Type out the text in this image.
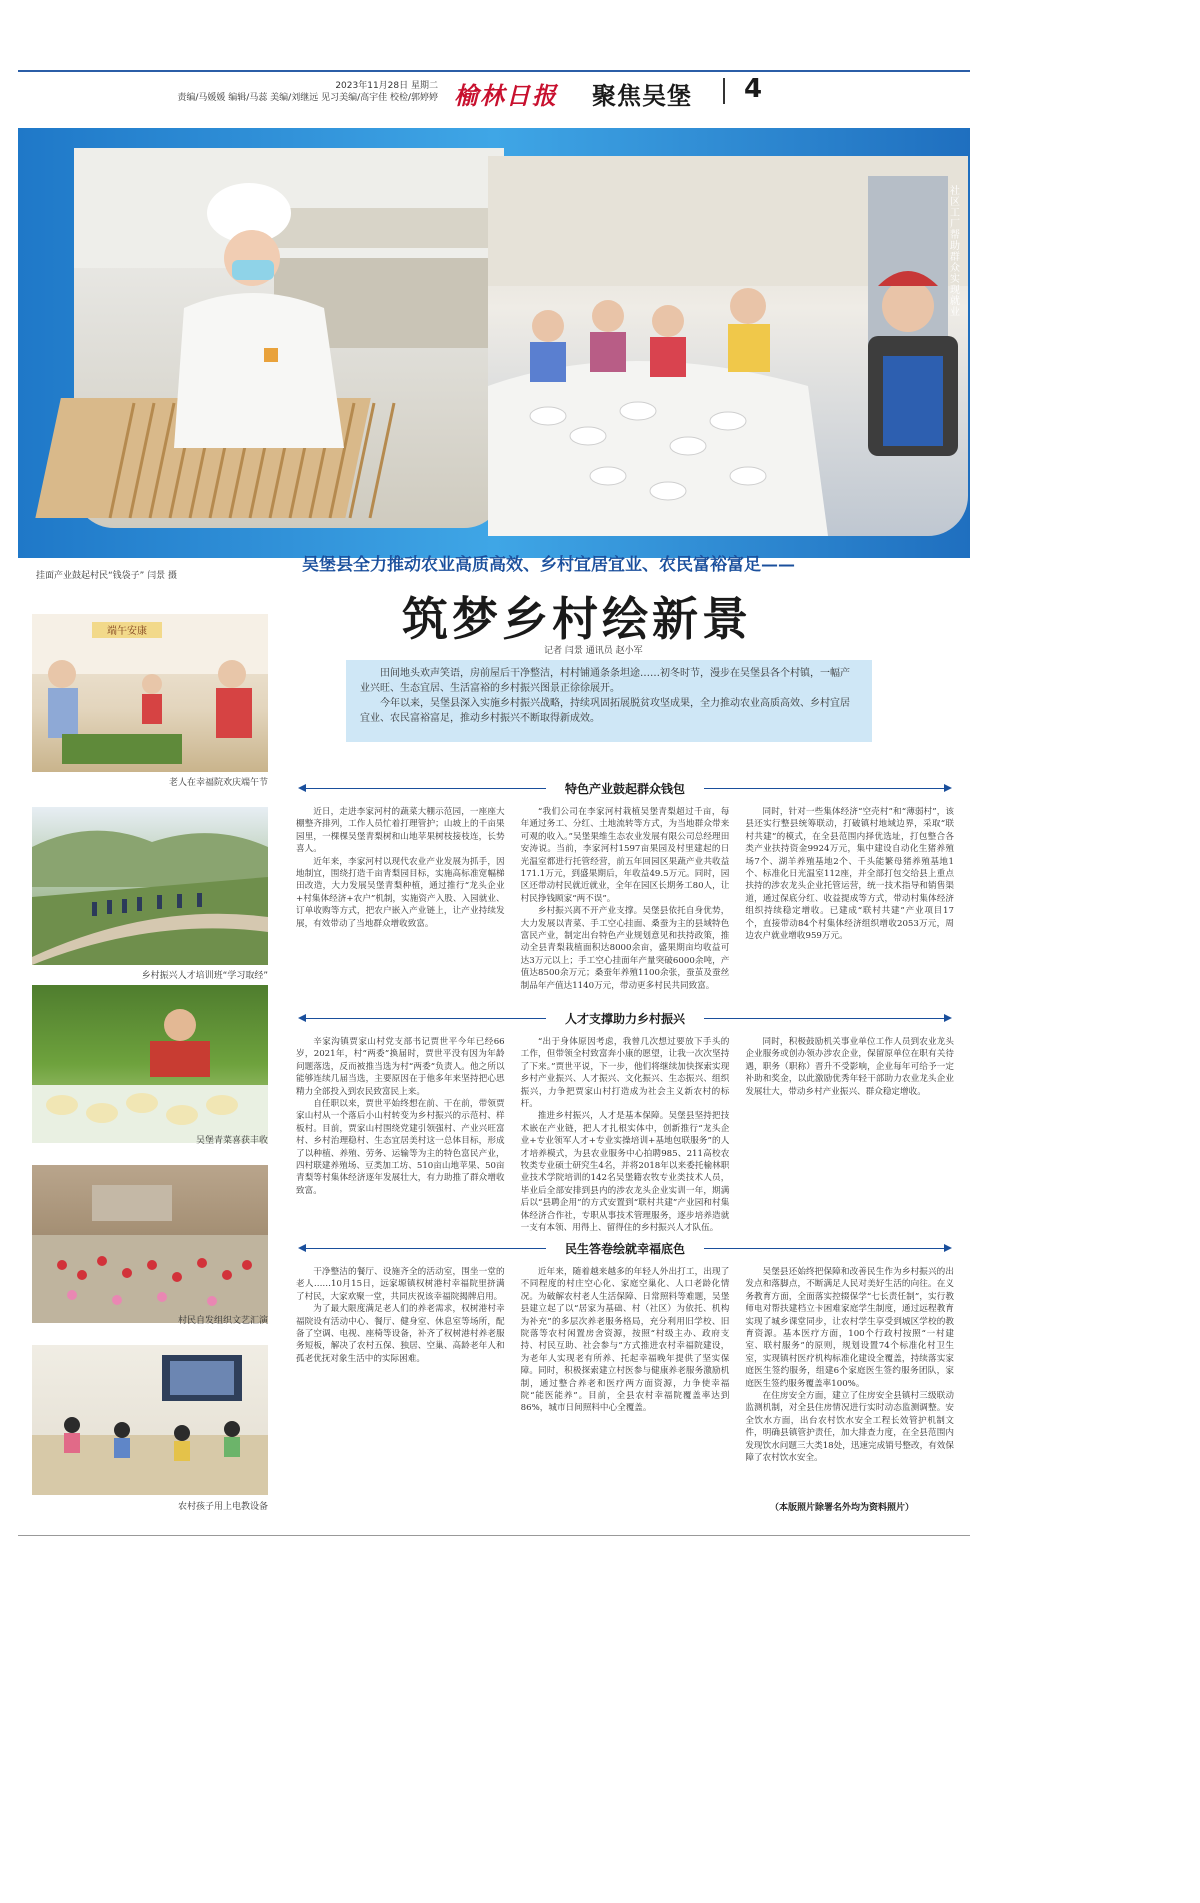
2023年11月28日 星期二
责编/马媛媛 编辑/马蕊 美编/刘继远 见习美编/高宇佳 校检/郭婷婷 榆林日报 聚焦吴堡 4
社区工厂帮助群众实现就业
挂面产业鼓起村民“钱袋子” 闫景 摄
吴堡县全力推动农业高质高效、乡村宜居宜业、农民富裕富足——
筑梦乡村绘新景
记者 闫景 通讯员 赵小军

田间地头欢声笑语，房前屋后干净整洁，村村铺通条条坦途……初冬时节，漫步在吴堡县各个村镇，一幅产业兴旺、生态宜居、生活富裕的乡村振兴图景正徐徐展开。

今年以来，吴堡县深入实施乡村振兴战略，持续巩固拓展脱贫攻坚成果，全力推动农业高质高效、乡村宜居宜业、农民富裕富足，推动乡村振兴不断取得新成效。

端午安康
老人在幸福院欢庆端午节
乡村振兴人才培训班“学习取经”
吴堡青菜喜获丰收
村民自发组织文艺汇演
农村孩子用上电教设备
特色产业鼓起群众钱包

近日，走进李家河村的蔬菜大棚示范园，一座座大棚整齐排列，工作人员忙着打理管护；山坡上的千亩果园里，一棵棵吴堡青梨树和山地苹果树枝接枝连，长势喜人。

近年来，李家河村以现代农业产业发展为抓手，因地制宜，围绕打造千亩青梨园目标，实施高标准宽幅梯田改造，大力发展吴堡青梨种植，通过推行“龙头企业+村集体经济+农户”机制，实施资产入股、入园就业、订单收购等方式，把农户嵌入产业链上，让产业持续发展，有效带动了当地群众增收致富。

“我们公司在李家河村栽植吴堡青梨超过千亩，每年通过务工、分红、土地流转等方式，为当地群众带来可观的收入。”吴堡果维生态农业发展有限公司总经理田安涛说。当前，李家河村1597亩果园及村里建起的日光温室都进行托管经营，前五年回园区果蔬产业共收益171.1万元，到盛果期后，年收益49.5万元。同时，园区还带动村民就近就业，全年在园区长期务工80人，让村民挣钱顾家“两不误”。

乡村振兴离不开产业支撑。吴堡县依托自身优势，大力发展以青菜、手工空心挂面、桑蚕为主的县域特色富民产业，制定出台特色产业规划意见和扶持政策，推动全县青梨栽植面积达8000余亩，盛果期亩均收益可达3万元以上；手工空心挂面年产量突破6000余吨，产值达8500余万元；桑蚕年养殖1100余张，蚕茧及蚕丝制品年产值达1140万元，带动更多村民共同致富。

同时，针对一些集体经济“空壳村”和“薄弱村”，该县还实行整县统筹联动，打破镇村地域边界，采取“联村共建”的模式，在全县范围内择优选址，打包整合各类产业扶持资金9924万元，集中建设自动化生猪养殖场7个、湖羊养殖基地2个、千头能繁母猪养殖基地1个、标准化日光温室112座，并全部打包交给县上重点扶持的涉农龙头企业托管运营，统一技术指导和销售渠道，通过保底分红、收益提成等方式，带动村集体经济组织持续稳定增收。已建成“联村共建”产业项目17个，直接带动84个村集体经济组织增收2053万元，周边农户就业增收959万元。

人才支撑助力乡村振兴

辛家沟镇贾家山村党支部书记贾世平今年已经66岁，2021年，村“两委”换届时，贾世平没有因为年龄问题落选，反而被推当选为村“两委”负责人。他之所以能够连续几届当选，主要原因在于他多年来坚持把心思精力全部投入到农民致富民上来。

自任职以来，贾世平始终想在前、干在前，带领贾家山村从一个落后小山村转变为乡村振兴的示范村、样板村。目前，贾家山村围绕党建引领强村、产业兴旺富村、乡村治理稳村、生态宜居美村这一总体目标，形成了以种植、养殖、劳务、运输等为主的特色富民产业，四村联建养殖场、豆类加工坊、510亩山地苹果、50亩青梨等村集体经济逐年发展壮大，有力助推了群众增收致富。

“出于身体原因考虑，我曾几次想过要放下手头的工作，但带领全村致富奔小康的愿望，让我一次次坚持了下来。”贾世平说，下一步，他们将继续加快探索实现乡村产业振兴、人才振兴、文化振兴、生态振兴、组织振兴，力争把贾家山村打造成为社会主义新农村的标杆。

推进乡村振兴，人才是基本保障。吴堡县坚持把技术嵌在产业链，把人才扎根实体中，创新推行“龙头企业+专业领军人才+专业实操培训+基地包联服务”的人才培养模式，为县农业服务中心拍聘985、211高校农牧类专业硕士研究生4名，并将2018年以来委托榆林职业技术学院培训的142名吴堡籍农牧专业类技术人员，毕业后全部安排到县内的涉农龙头企业实训一年，期满后以“县聘企用”的方式安置到“联村共建”产业园和村集体经济合作社，专职从事技术管理服务，逐步培养造就一支有本领、用得上、留得住的乡村振兴人才队伍。

同时，积极鼓励机关事业单位工作人员到农业龙头企业服务或创办领办涉农企业，保留原单位在职有关待遇，职务（职称）晋升不受影响，企业每年可给予一定补助和奖金，以此激励优秀年轻干部助力农业龙头企业发展壮大，带动乡村产业振兴、群众稳定增收。

民生答卷绘就幸福底色

干净整洁的餐厅、设施齐全的活动室，围坐一堂的老人……10月15日，远家塬镇权树港村幸福院里挤满了村民，大家欢聚一堂，共同庆祝该幸福院揭牌启用。

为了最大限度满足老人们的养老需求，权树港村幸福院设有活动中心、餐厅、健身室、休息室等场所，配备了空调、电视、座椅等设备，补齐了权树港村养老服务短板，解决了农村五保、独居、空巢、高龄老年人和孤老优抚对象生活中的实际困难。

近年来，随着越来越多的年轻人外出打工，出现了不同程度的村庄空心化、家庭空巢化、人口老龄化情况。为破解农村老人生活保障、日常照料等难题，吴堡县建立起了以“居家为基础、村（社区）为依托、机构为补充”的多层次养老服务格局，充分利用旧学校、旧院落等农村闲置房舍资源，按照“村级主办、政府支持、村民互助、社会参与”方式推进农村幸福院建设，为老年人实现老有所养、托起幸福晚年提供了坚实保障。同时，积极探索建立村医参与健康养老服务激励机制，通过整合养老和医疗两方面资源，力争使幸福院“能医能养”。目前，全县农村幸福院覆盖率达到86%，城市日间照料中心全覆盖。

吴堡县还始终把保障和改善民生作为乡村振兴的出发点和落脚点，不断满足人民对美好生活的向往。在义务教育方面，全面落实控辍保学“七长责任制”，实行教师电对帮扶建档立卡困难家庭学生制度，通过远程教育实现了城乡课堂同步，让农村学生享受到城区学校的教育资源。基本医疗方面，100个行政村按照“一村建室、联村服务”的原则，规划设置74个标准化村卫生室，实现镇村医疗机构标准化建设全覆盖，持续落实家庭医生签约服务，组建6个家庭医生签约服务团队，家庭医生签约服务覆盖率100%。

在住房安全方面，建立了住房安全县镇村三级联动监测机制，对全县住房情况进行实时动态监测调整。安全饮水方面，出台农村饮水安全工程长效管护机制文件，明确县镇管护责任，加大排查力度，在全县范围内发现饮水问题三大类18处，迅速完成销号整改，有效保障了农村饮水安全。

（本版照片除署名外均为资料照片）
